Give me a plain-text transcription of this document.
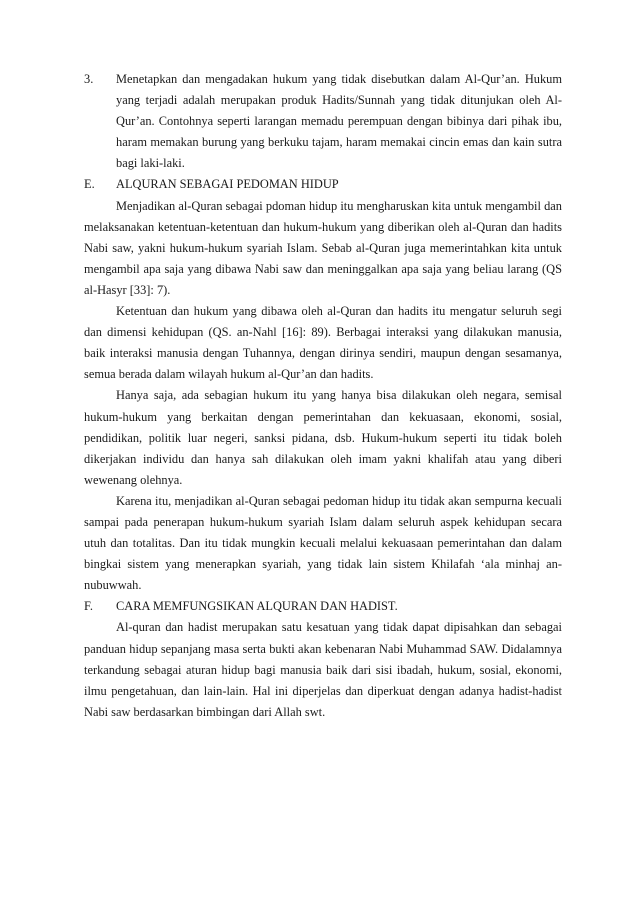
3.	Menetapkan dan mengadakan hukum yang tidak disebutkan dalam Al-Qur’an. Hukum yang terjadi adalah merupakan produk Hadits/Sunnah yang tidak ditunjukan oleh Al-Qur’an. Contohnya seperti larangan memadu perempuan dengan bibinya dari pihak ibu, haram memakan burung yang berkuku tajam, haram memakai cincin emas dan kain sutra bagi laki-laki.
E.	ALQURAN SEBAGAI PEDOMAN HIDUP

Menjadikan al-Quran sebagai pdoman hidup itu mengharuskan kita untuk mengambil dan melaksanakan ketentuan-ketentuan dan hukum-hukum yang diberikan oleh al-Quran dan hadits Nabi saw, yakni hukum-hukum syariah Islam. Sebab al-Quran juga memerintahkan kita untuk mengambil apa saja yang dibawa Nabi saw dan meninggalkan apa saja yang beliau larang (QS al-Hasyr [33]: 7).

Ketentuan dan hukum yang dibawa oleh al-Quran dan hadits itu mengatur seluruh segi dan dimensi kehidupan (QS. an-Nahl [16]: 89). Berbagai interaksi yang dilakukan manusia, baik interaksi manusia dengan Tuhannya, dengan dirinya sendiri, maupun dengan sesamanya, semua berada dalam wilayah hukum al-Qur’an dan hadits.

Hanya saja, ada sebagian hukum itu yang hanya bisa dilakukan oleh negara, semisal hukum-hukum yang berkaitan dengan pemerintahan dan kekuasaan, ekonomi, sosial, pendidikan, politik luar negeri, sanksi pidana, dsb. Hukum-hukum seperti itu tidak boleh dikerjakan individu dan hanya sah dilakukan oleh imam yakni khalifah atau yang diberi wewenang olehnya.

Karena itu, menjadikan al-Quran sebagai pedoman hidup itu tidak akan sempurna kecuali sampai pada penerapan hukum-hukum syariah Islam dalam seluruh aspek kehidupan secara utuh dan totalitas. Dan itu tidak mungkin kecuali melalui kekuasaan pemerintahan dan dalam bingkai sistem yang menerapkan syariah, yang tidak lain sistem Khilafah ‘ala minhaj an-nubuwwah.

F.	CARA MEMFUNGSIKAN ALQURAN DAN HADIST.

Al-quran dan hadist merupakan satu kesatuan yang tidak dapat dipisahkan dan sebagai panduan hidup sepanjang masa serta bukti akan kebenaran Nabi Muhammad SAW. Didalamnya terkandung sebagai aturan hidup bagi manusia baik dari sisi ibadah, hukum, sosial, ekonomi, ilmu pengetahuan, dan lain-lain. Hal ini diperjelas dan diperkuat dengan adanya hadist-hadist Nabi saw berdasarkan bimbingan dari Allah swt.
